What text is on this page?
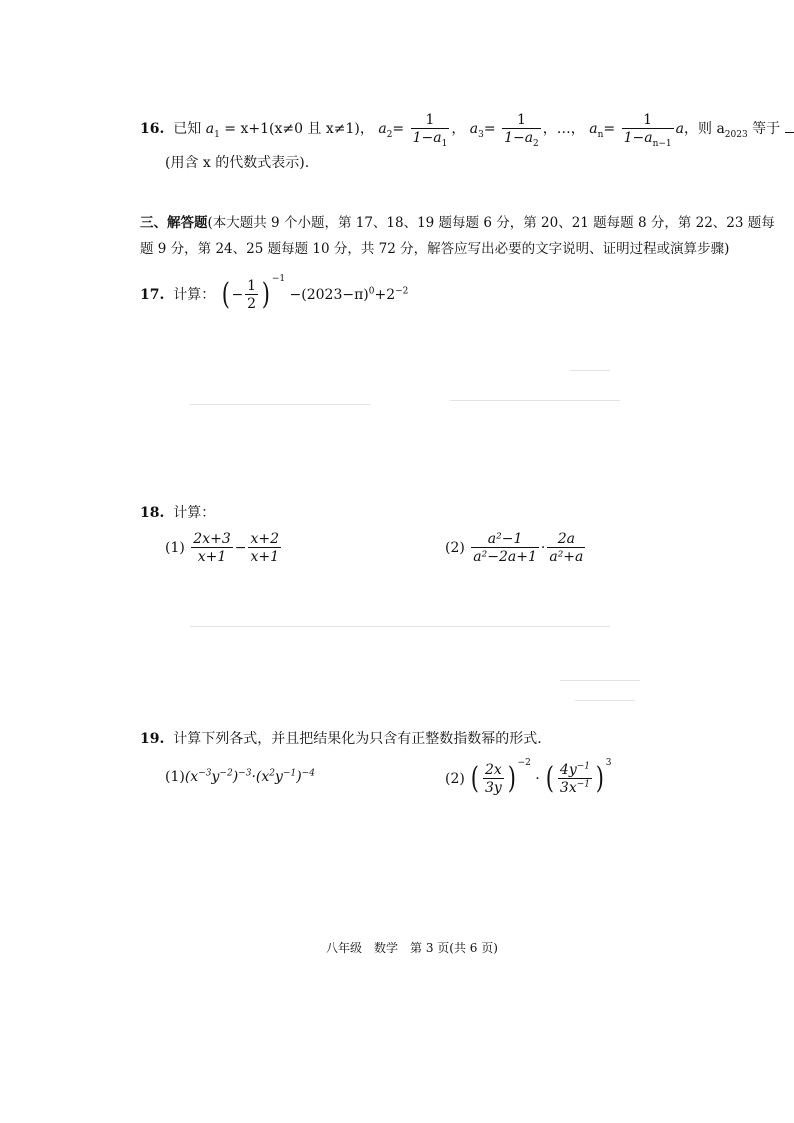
16. 已知 $a_1 = x+1(x\ne 0$ 且 x≠1)， $a_2= \frac{1}{1-a_1}$ ， $a_3= \frac{1}{1-a_2}$ ，…， $a_n= \frac{1}{1-a_{n-1}}$ a，则 $a_{2023}$ 等于
(用含 x 的代数式表示).
三、解答题(本大题共 9 个小题，第 17、18、19 题每题 6 分，第 20、21 题每题 8 分，第 22、23 题每
题 9 分，第 24、25 题每题 10 分，共 72 分，解答应写出必要的文字说明、证明过程或演算步骤)
17. 计算： ( − $\frac{1}{2}$ ) $^{-1} -(2023-\pi)^0+2^{-2}$
18. 计算：
$(1) \frac{2x+3}{x+1} - \frac{x+2}{x+1}$	$(2) \frac{\text{a²−1}}{\text{a²−2a+1}} \cdot \frac{2a}{\text{a²+a}}$
19. 计算下列各式，并且把结果化为只含有正整数指数幂的形式.
$(1)(x^{-3}y^{-2})^{-3}\cdot(x^2y^{-1})^{-4}$	(2) ( $\frac{2x}{3y}$ ) $^{-2}$ · ( $\frac{4y^{-1}}{3x^{-1}}$ ) $^3$
八年级　数学　第 3 页(共 6 页)
